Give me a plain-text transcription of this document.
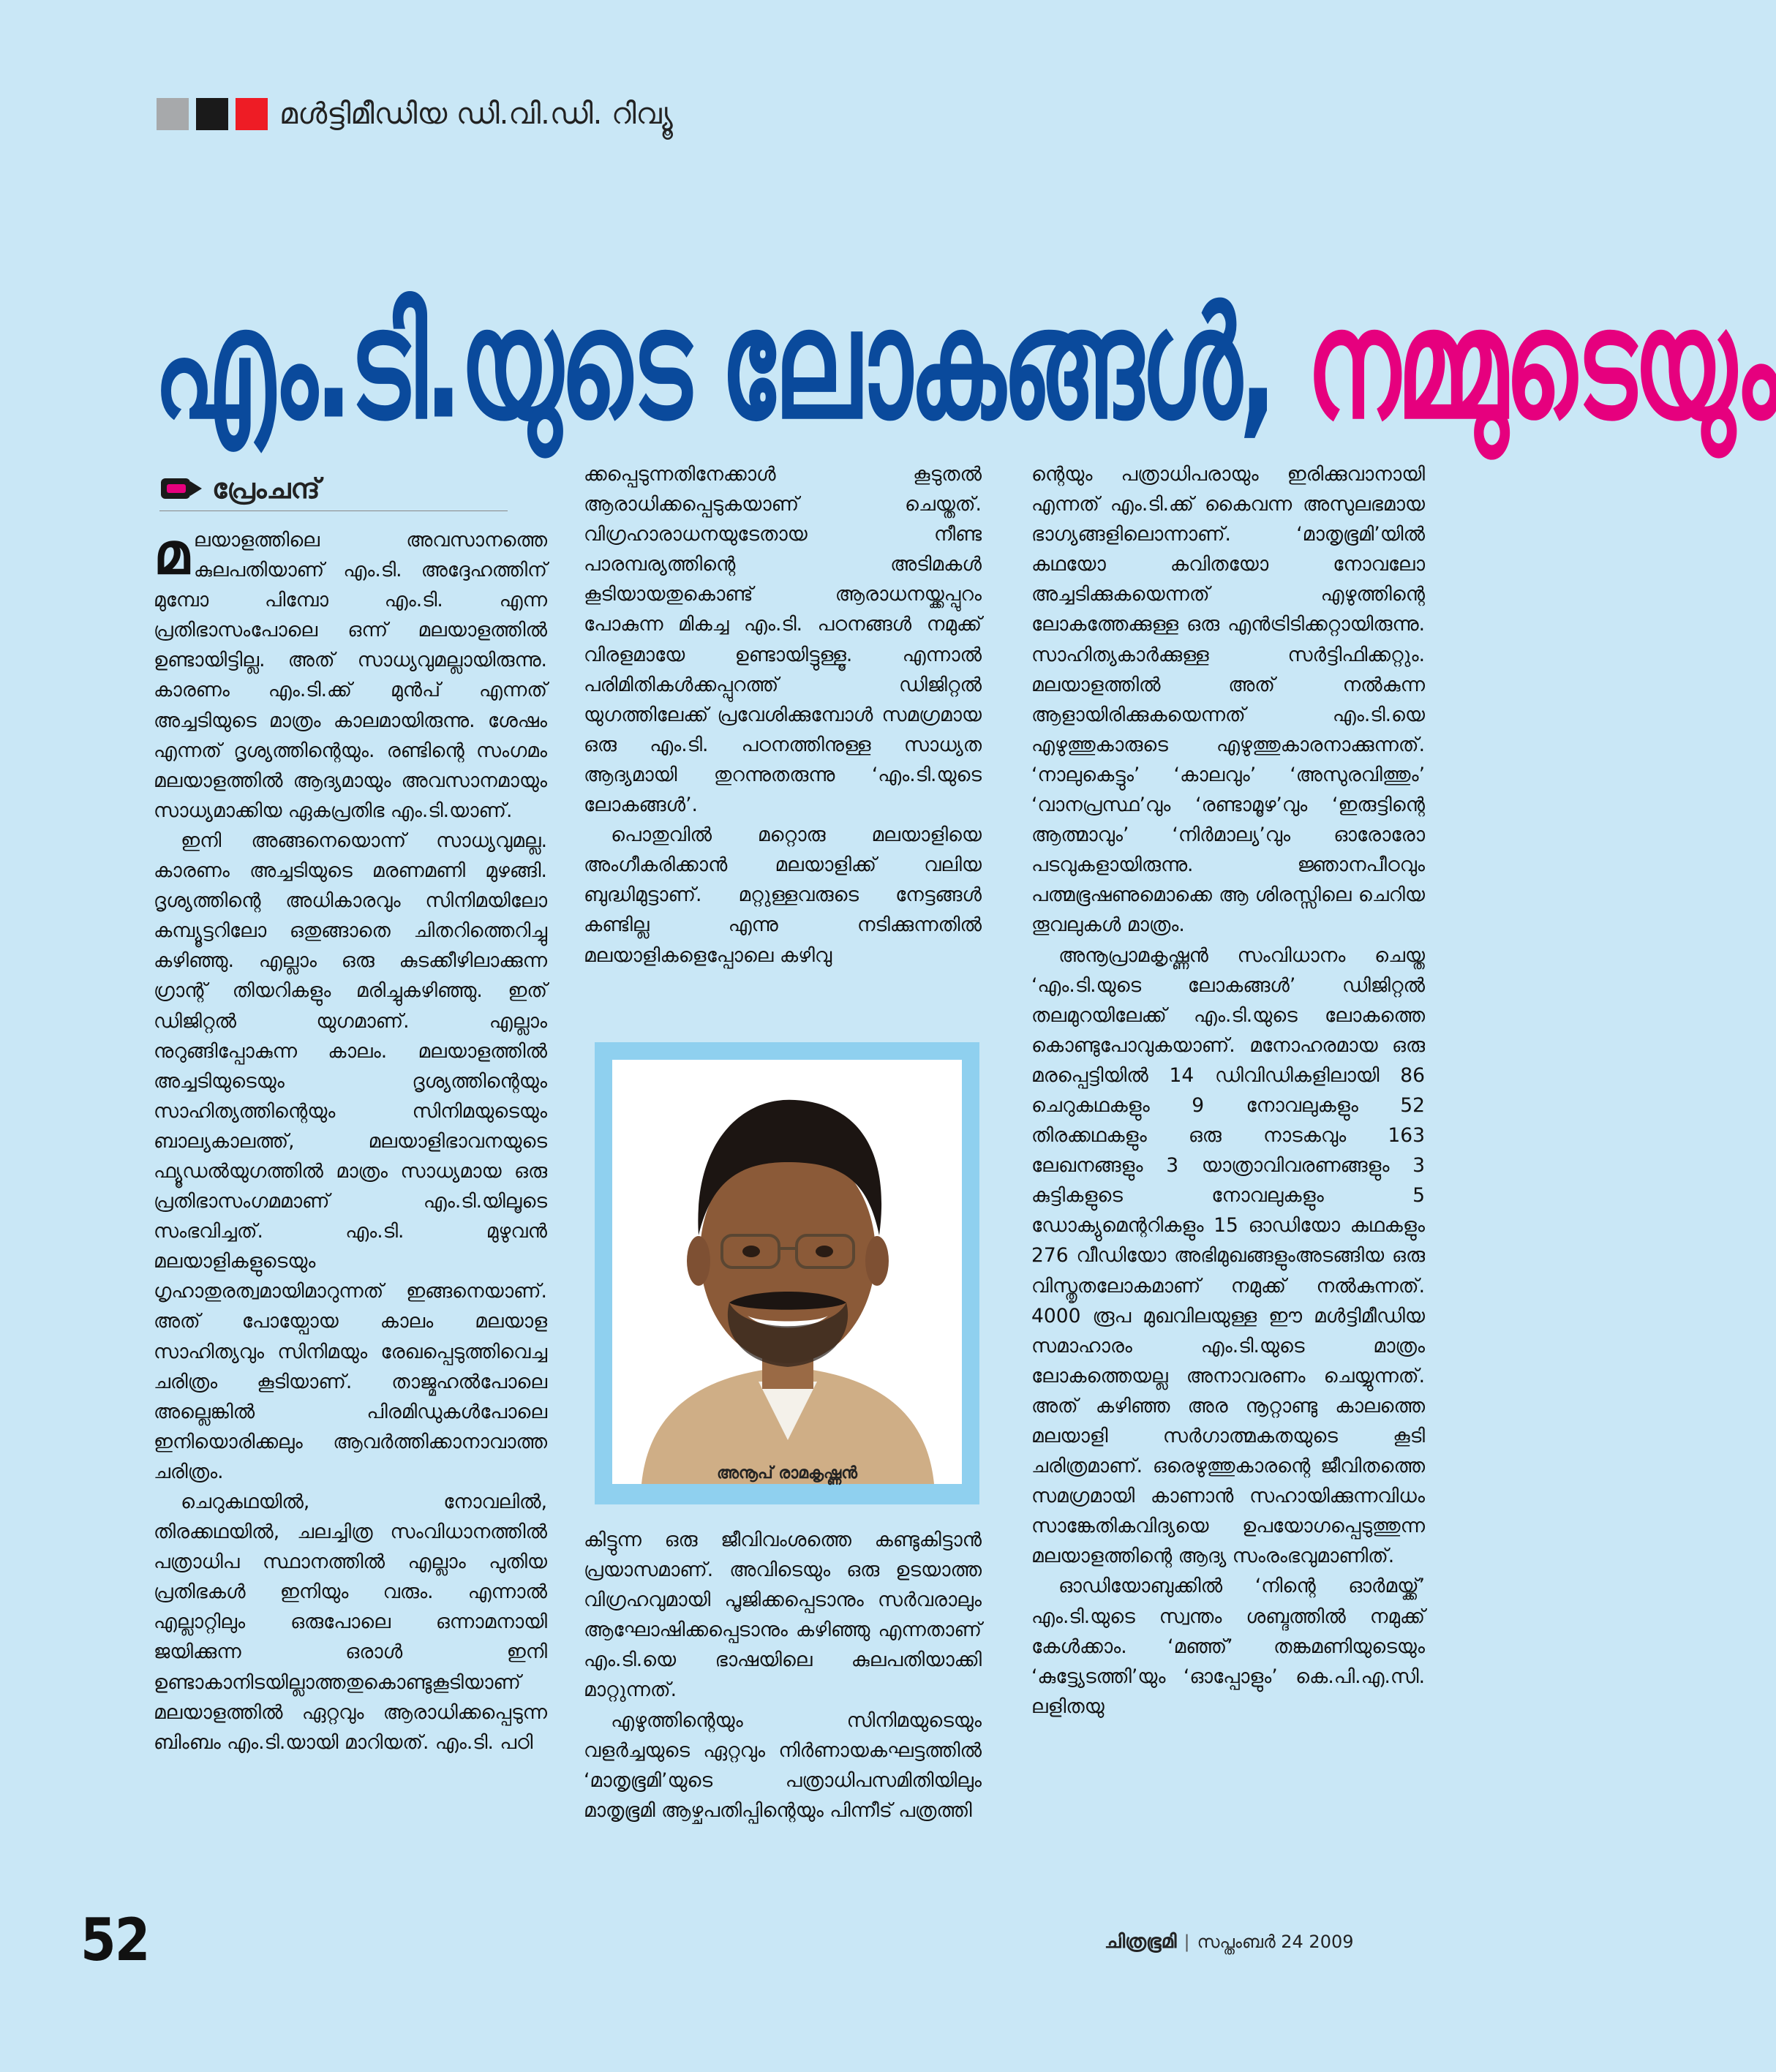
മൾട്ടിമീഡിയ ഡി.വി.ഡി. റിവ്യൂ
എം.ടി.യുടെ ലോകങ്ങൾ, നമ്മുടെയും
പ്രേംചന്ദ്

മലയാളത്തിലെ അവസാനത്തെ കുലപതിയാണ് എം.ടി. അദ്ദേഹത്തിന് മുമ്പോ പിമ്പോ എം.ടി. എന്ന പ്രതിഭാസംപോലെ ഒന്ന് മലയാളത്തിൽ ഉണ്ടായിട്ടില്ല. അത് സാധ്യവുമല്ലായിരുന്നു. കാരണം എം.ടി.ക്ക് മുൻപ് എന്നത് അച്ചടിയുടെ മാത്രം കാലമായിരുന്നു. ശേഷം എന്നത് ദൃശ്യത്തിന്റെയും. രണ്ടിന്റെ സംഗമം മലയാളത്തിൽ ആദ്യമായും അവസാനമായും സാധ്യമാക്കിയ ഏകപ്രതിഭ എം.ടി.യാണ്.

ഇനി അങ്ങനെയൊന്ന് സാധ്യവുമല്ല. കാരണം അച്ചടിയുടെ മരണമണി മുഴങ്ങി. ദൃശ്യത്തിന്റെ അധികാരവും സിനിമയിലോ കമ്പ്യൂട്ടറിലോ ഒതുങ്ങാതെ ചിതറിത്തെറിച്ചു കഴിഞ്ഞു. എല്ലാം ഒരു കുടക്കീഴിലാക്കുന്ന ഗ്രാന്റ് തിയറികളും മരിച്ചുകഴിഞ്ഞു. ഇത് ഡിജിറ്റൽ യുഗമാണ്. എല്ലാം നുറുങ്ങിപ്പോകുന്ന കാലം. മലയാളത്തിൽ അച്ചടിയുടെയും ദൃശ്യത്തിന്റെയും സാഹിത്യത്തിന്റെയും സിനിമയുടെയും ബാല്യകാലത്ത്, മലയാളിഭാവനയുടെ ഫ്യൂഡൽയുഗത്തിൽ മാത്രം സാധ്യമായ ഒരു പ്രതിഭാസംഗമമാണ് എം.ടി.യിലൂടെ സംഭവിച്ചത്. എം.ടി. മുഴുവൻ മലയാളികളുടെയും ഗൃഹാതുരത്വമായിമാറുന്നത് ഇങ്ങനെയാണ്. അത് പോയ്പോയ കാലം മലയാള സാഹിത്യവും സിനിമയും രേഖപ്പെടുത്തിവെച്ച ചരിത്രം കൂടിയാണ്. താജ്മഹൽപോലെ അല്ലെങ്കിൽ പിരമിഡുകൾപോലെ ഇനിയൊരിക്കലും ആവർത്തിക്കാനാവാത്ത ചരിത്രം.

ചെറുകഥയിൽ, നോവലിൽ, തിരക്കഥയിൽ, ചലച്ചിത്ര സംവിധാനത്തിൽ പത്രാധിപ സ്ഥാനത്തിൽ എല്ലാം പുതിയ പ്രതിഭകൾ ഇനിയും വരും. എന്നാൽ എല്ലാറ്റിലും ഒരുപോലെ ഒന്നാമനായി ജയിക്കുന്ന ഒരാൾ ഇനി ഉണ്ടാകാനിടയില്ലാത്തതുകൊണ്ടുകൂടിയാണ് മലയാളത്തിൽ ഏറ്റവും ആരാധിക്കപ്പെടുന്ന ബിംബം എം.ടി.യായി മാറിയത്. എം.ടി. പഠി

ക്കപ്പെടുന്നതിനേക്കാൾ കൂടുതൽ ആരാധിക്കപ്പെടുകയാണ് ചെയ്തത്. വിഗ്രഹാരാധനയുടേതായ നീണ്ട പാരമ്പര്യത്തിന്റെ അടിമകൾ കൂടിയായതുകൊണ്ട് ആരാധനയ്ക്കപ്പുറം പോകുന്ന മികച്ച എം.ടി. പഠനങ്ങൾ നമുക്ക് വിരളമായേ ഉണ്ടായിട്ടുള്ളൂ. എന്നാൽ പരിമിതികൾക്കപ്പുറത്ത് ഡിജിറ്റൽ യുഗത്തിലേക്ക് പ്രവേശിക്കുമ്പോൾ സമഗ്രമായ ഒരു എം.ടി. പഠനത്തിനുള്ള സാധ്യത ആദ്യമായി തുറന്നുതരുന്നു ‘എം.ടി.യുടെ ലോകങ്ങൾ’.

പൊതുവിൽ മറ്റൊരു മലയാളിയെ അംഗീകരിക്കാൻ മലയാളിക്ക് വലിയ ബുദ്ധിമുട്ടാണ്. മറ്റുള്ളവരുടെ നേട്ടങ്ങൾ കണ്ടില്ല എന്നു നടിക്കുന്നതിൽ മലയാളികളെപ്പോലെ കഴിവു

അനൂപ് രാമകൃഷ്ണൻ

കിട്ടുന്ന ഒരു ജീവിവംശത്തെ കണ്ടുകിട്ടാൻ പ്രയാസമാണ്. അവിടെയും ഒരു ഉടയാത്ത വിഗ്രഹവുമായി പൂജിക്കപ്പെടാനും സർവരാലും ആഘോഷിക്കപ്പെടാനും കഴിഞ്ഞു എന്നതാണ് എം.ടി.യെ ഭാഷയിലെ കുലപതിയാക്കി മാറ്റുന്നത്.

എഴുത്തിന്റെയും സിനിമയുടെയും വളർച്ചയുടെ ഏറ്റവും നിർണായകഘട്ടത്തിൽ ‘മാതൃഭൂമി’യുടെ പത്രാധിപസമിതിയിലും മാതൃഭൂമി ആഴ്ചപതിപ്പിന്റെയും പിന്നീട് പത്രത്തി

ന്റെയും പത്രാധിപരായും ഇരിക്കുവാനായി എന്നത് എം.ടി.ക്ക് കൈവന്ന അസുലഭമായ ഭാഗ്യങ്ങളിലൊന്നാണ്. ‘മാതൃഭൂമി’യിൽ കഥയോ കവിതയോ നോവലോ അച്ചടിക്കുകയെന്നത് എഴുത്തിന്റെ ലോകത്തേക്കുള്ള ഒരു എൻട്രിടിക്കറ്റായിരുന്നു. സാഹിത്യകാർക്കുള്ള സർട്ടിഫിക്കറ്റും. മലയാളത്തിൽ അത് നൽകുന്ന ആളായിരിക്കുകയെന്നത് എം.ടി.യെ എഴുത്തുകാരുടെ എഴുത്തുകാരനാക്കുന്നത്. ‘നാലുകെട്ടും’ ‘കാലവും’ ‘അസുരവിത്തും’ ‘വാനപ്രസ്ഥ’വും ‘രണ്ടാമൂഴ’വും ‘ഇരുട്ടിന്റെ ആത്മാവും’ ‘നിർമാല്യ’വും ഓരോരോ പടവുകളായിരുന്നു. ജ്ഞാനപീഠവും പത്മഭൂഷണുമൊക്കെ ആ ശിരസ്സിലെ ചെറിയ തൂവലുകൾ മാത്രം.

അനൂപ്രാമകൃഷ്ണൻ സംവിധാനം ചെയ്ത ‘എം.ടി.യുടെ ലോകങ്ങൾ’ ഡിജിറ്റൽ തലമുറയിലേക്ക് എം.ടി.യുടെ ലോകത്തെ കൊണ്ടുപോവുകയാണ്. മനോഹരമായ ഒരു മരപ്പെട്ടിയിൽ 14 ഡിവിഡികളിലായി 86 ചെറുകഥകളും 9 നോവലുകളും 52 തിരക്കഥകളും ഒരു നാടകവും 163 ലേഖനങ്ങളും 3 യാത്രാവിവരണങ്ങളും 3 കുട്ടികളുടെ നോവലുകളും 5 ഡോക്യുമെന്ററികളും 15 ഓഡിയോ കഥകളും 276 വീഡിയോ അഭിമുഖങ്ങളുംഅടങ്ങിയ ഒരു വിസ്തൃതലോകമാണ് നമുക്ക് നൽകുന്നത്. 4000 രൂപ മുഖവിലയുള്ള ഈ മൾട്ടിമീഡിയ സമാഹാരം എം.ടി.യുടെ മാത്രം ലോകത്തെയല്ല അനാവരണം ചെയ്യുന്നത്. അത് കഴിഞ്ഞ അര നൂറ്റാണ്ടു കാലത്തെ മലയാളി സർഗാത്മകതയുടെ കൂടി ചരിത്രമാണ്. ഒരെഴുത്തുകാരന്റെ ജീവിതത്തെ സമഗ്രമായി കാണാൻ സഹായിക്കുന്നവിധം സാങ്കേതികവിദ്യയെ ഉപയോഗപ്പെടുത്തുന്ന മലയാളത്തിന്റെ ആദ്യ സംരംഭവുമാണിത്.

ഓഡിയോബുക്കിൽ ‘നിന്റെ ഓർമയ്ക്ക്’ എം.ടി.യുടെ സ്വന്തം ശബ്ദത്തിൽ നമുക്ക് കേൾക്കാം. ‘മഞ്ഞ്’ തങ്കമണിയുടെയും ‘കുട്ട്യേടത്തി’യും ‘ഓപ്പോളും’ കെ.പി.എ.സി. ലളിതയു

52	ചിത്രഭൂമി | സപ്തംബർ 24 2009
